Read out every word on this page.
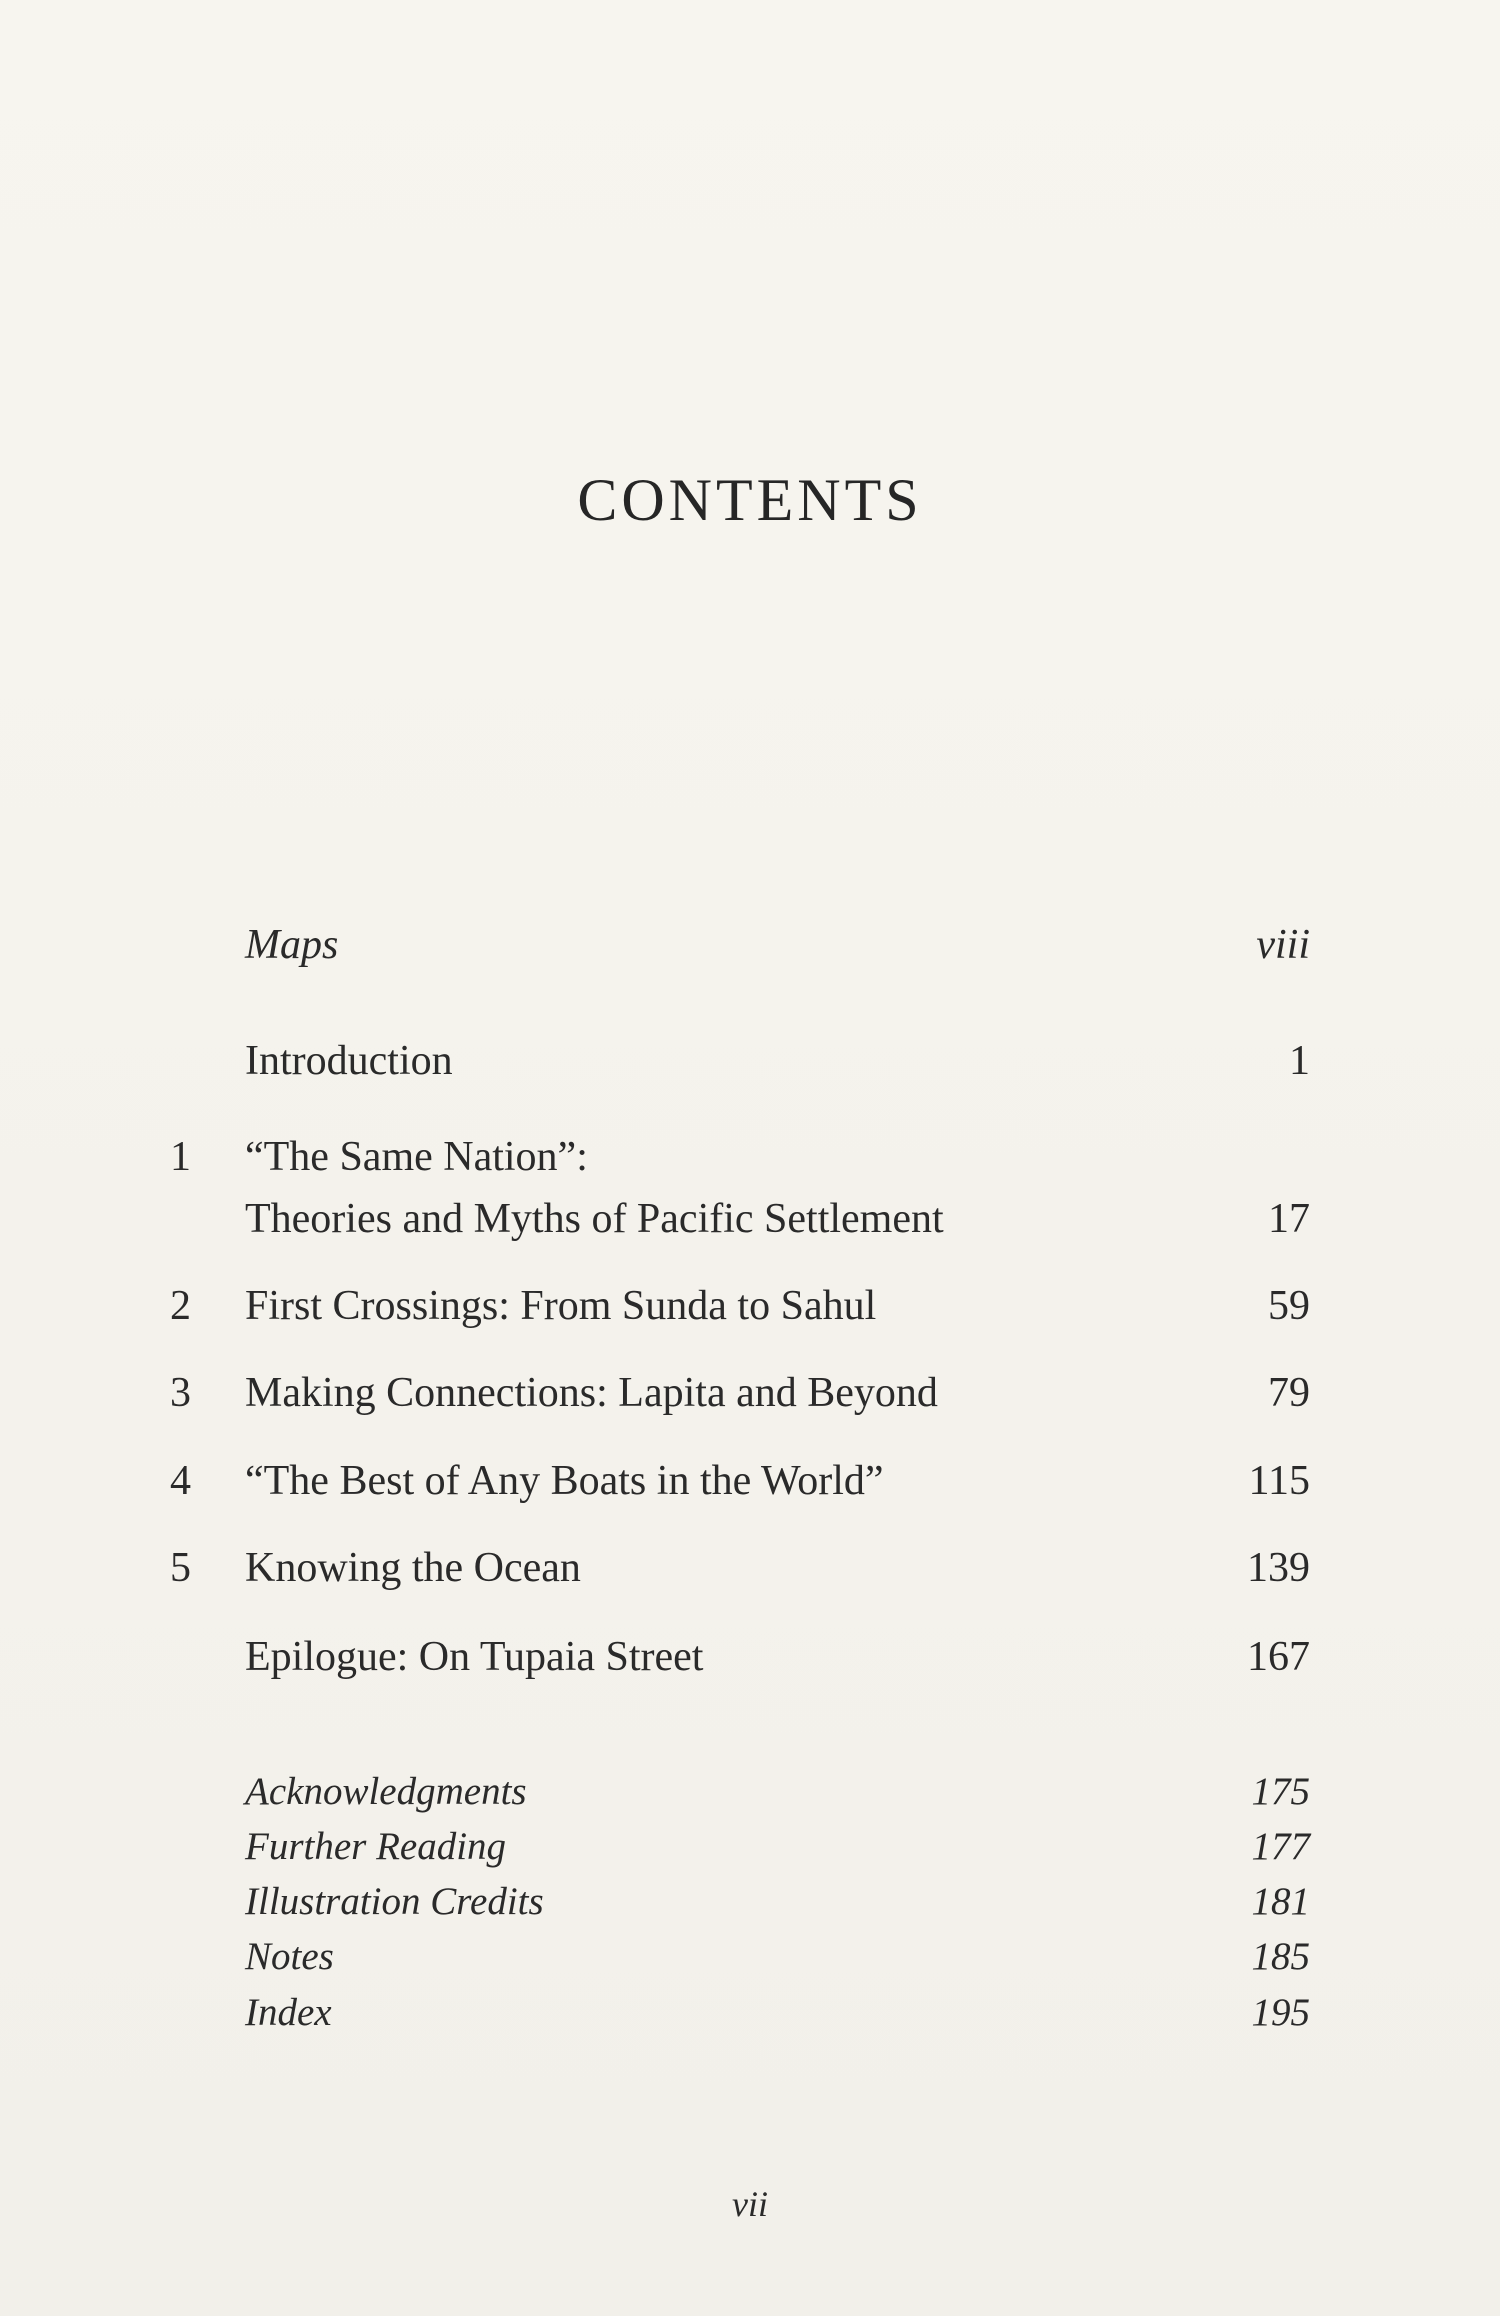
CONTENTS
Maps	viii
Introduction	1
1 “The Same Nation”:
Theories and Myths of Pacific Settlement	17
2 First Crossings: From Sunda to Sahul	59
3 Making Connections: Lapita and Beyond	79
4 “The Best of Any Boats in the World”	115
5 Knowing the Ocean	139
Epilogue: On Tupaia Street	167
Acknowledgments	175
Further Reading	177
Illustration Credits	181
Notes	185
Index	195
vii
